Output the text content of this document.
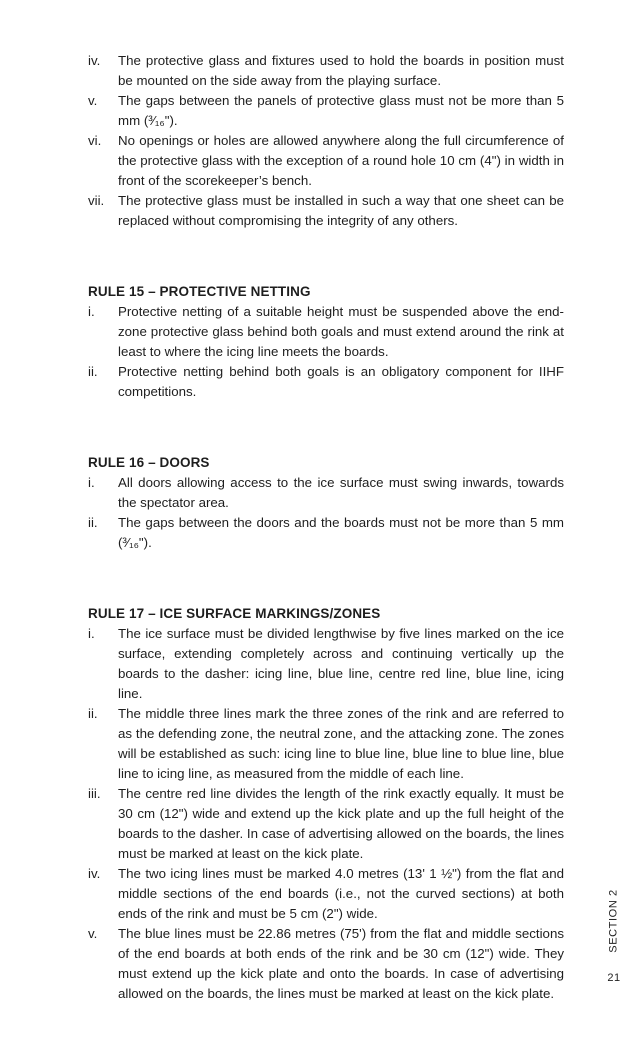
iv.	The protective glass and fixtures used to hold the boards in position must be mounted on the side away from the playing surface.
v.	The gaps between the panels of protective glass must not be more than 5 mm (³⁄₁₆").
vi.	No openings or holes are allowed anywhere along the full circumference of the protective glass with the exception of a round hole 10 cm (4") in width in front of the scorekeeper’s bench.
vii.	The protective glass must be installed in such a way that one sheet can be replaced without compromising the integrity of any others.
RULE 15 – PROTECTIVE NETTING
i.	Protective netting of a suitable height must be suspended above the end-zone protective glass behind both goals and must extend around the rink at least to where the icing line meets the boards.
ii.	Protective netting behind both goals is an obligatory component for IIHF competitions.
RULE 16 – DOORS
i.	All doors allowing access to the ice surface must swing inwards, towards the spectator area.
ii.	The gaps between the doors and the boards must not be more than 5 mm (³⁄₁₆").
RULE 17 – ICE SURFACE MARKINGS/ZONES
i.	The ice surface must be divided lengthwise by five lines marked on the ice surface, extending completely across and continuing vertically up the boards to the dasher: icing line, blue line, centre red line, blue line, icing line.
ii.	The middle three lines mark the three zones of the rink and are referred to as the defending zone, the neutral zone, and the attacking zone. The zones will be established as such: icing line to blue line, blue line to blue line, blue line to icing line, as measured from the middle of each line.
iii.	The centre red line divides the length of the rink exactly equally. It must be 30 cm (12") wide and extend up the kick plate and up the full height of the boards to the dasher. In case of advertising allowed on the boards, the lines must be marked at least on the kick plate.
iv.	The two icing lines must be marked 4.0 metres (13' 1 ½") from the flat and middle sections of the end boards (i.e., not the curved sections) at both ends of the rink and must be 5 cm (2") wide.
v.	The blue lines must be 22.86 metres (75') from the flat and middle sections of the end boards at both ends of the rink and be 30 cm (12") wide. They must extend up the kick plate and onto the boards. In case of advertising allowed on the boards, the lines must be marked at least on the kick plate.
SECTION 2
21
